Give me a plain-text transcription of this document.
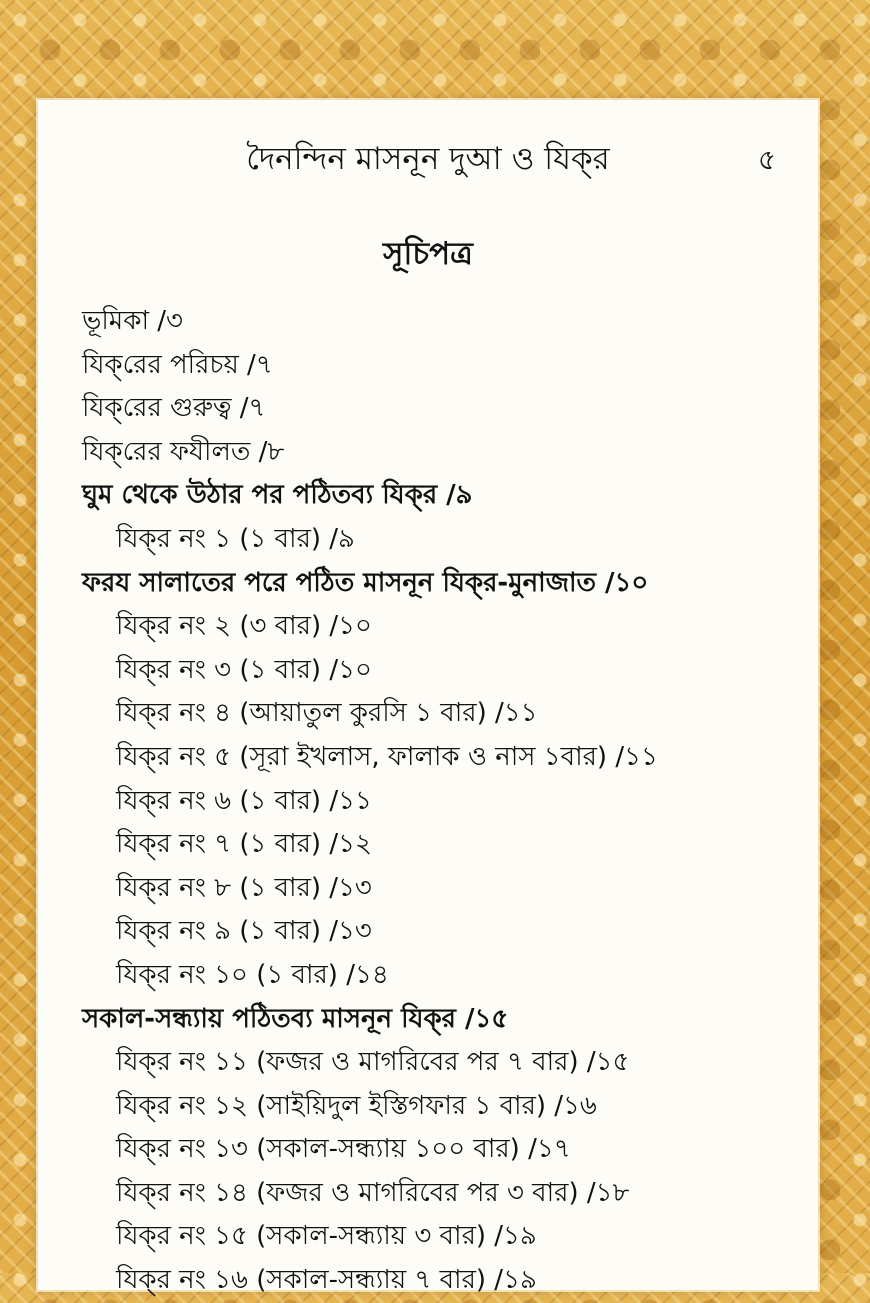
দৈনন্দিন মাসনূন দুআ ও যিক্‌র	৫
সূচিপত্র
ভূমিকা /৩
যিক্‌রের পরিচয় /৭
যিক্‌রের গুরুত্ব /৭
যিক্‌রের ফযীলত /৮
ঘুম থেকে উঠার পর পঠিতব্য যিক্‌র /৯
যিক্‌র নং ১ (১ বার) /৯
ফরয সালাতের পরে পঠিত মাসনূন যিক্‌র-মুনাজাত /১০
যিক্‌র নং ২ (৩ বার) /১০
যিক্‌র নং ৩ (১ বার) /১০
যিক্‌র নং ৪ (আয়াতুল কুরসি ১ বার) /১১
যিক্‌র নং ৫ (সূরা ইখলাস, ফালাক ও নাস ১বার) /১১
যিক্‌র নং ৬ (১ বার) /১১
যিক্‌র নং ৭ (১ বার) /১২
যিক্‌র নং ৮ (১ বার) /১৩
যিক্‌র নং ৯ (১ বার) /১৩
যিক্‌র নং ১০ (১ বার) /১৪
সকাল-সন্ধ্যায় পঠিতব্য মাসনূন যিক্‌র /১৫
যিক্‌র নং ১১ (ফজর ও মাগরিবের পর ৭ বার) /১৫
যিক্‌র নং ১২ (সাইয়িদুল ইস্তিগফার ১ বার) /১৬
যিক্‌র নং ১৩ (সকাল-সন্ধ্যায় ১০০ বার) /১৭
যিক্‌র নং ১৪ (ফজর ও মাগরিবের পর ৩ বার) /১৮
যিক্‌র নং ১৫ (সকাল-সন্ধ্যায় ৩ বার) /১৯
যিক্‌র নং ১৬ (সকাল-সন্ধ্যায় ৭ বার) /১৯
